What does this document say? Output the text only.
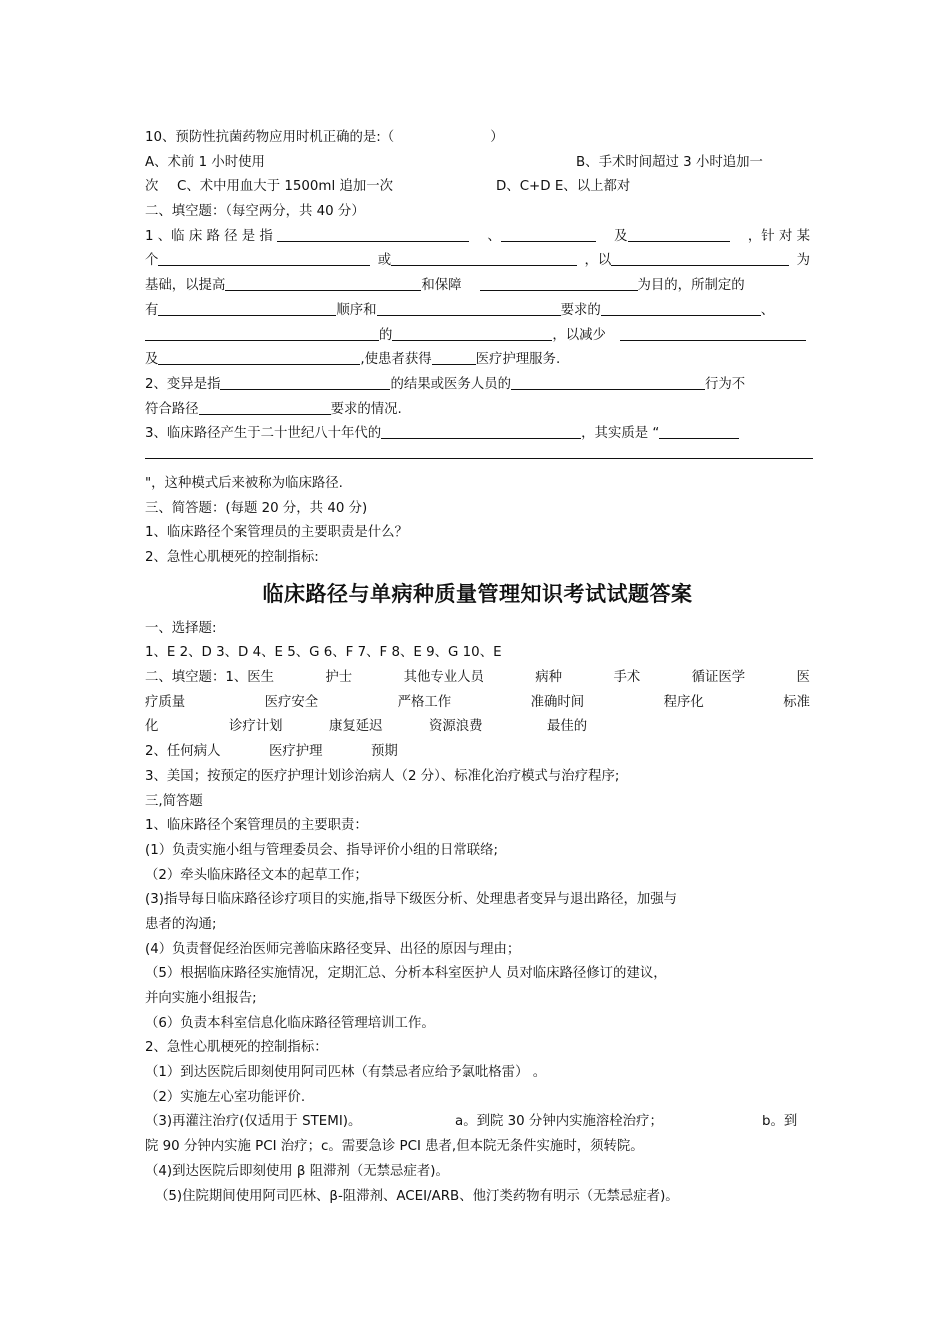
10、预防性抗菌药物应用时机正确的是:（	）
A、术前 1 小时使用	B、手术时间超过 3 小时追加一
次 C、术中用血大于 1500ml 追加一次	D、C+D E、以上都对
二、填空题：（每空两分，共 40 分）
1 、临 床 路 径 是 指	、	及	，针 对 某
个	或	，以	为
基础，以提高	和保障	为目的，所制定的
有	顺序和	要求的	、
的	，以减少
及	,使患者获得	医疗护理服务.
2、变异是指	的结果或医务人员的	行为不
符合路径	要求的情况.
3、临床路径产生于二十世纪八十年代的	，其实质是 “
"，这种模式后来被称为临床路径.
三、简答题：(每题 20 分，共 40 分)
1、临床路径个案管理员的主要职责是什么？
2、急性心肌梗死的控制指标:
临床路径与单病种质量管理知识考试试题答案
一、选择题:
1、E 2、D 3、D 4、E 5、G 6、F 7、F 8、E 9、G 10、E
二、填空题：1、医生	护士	其他专业人员	病种	手术	循证医学	医
疗质量	医疗安全	严格工作	准确时间	程序化	标准
化	诊疗计划	康复延迟	资源浪费	最佳的
2、任何病人	医疗护理	预期
3、美国；按预定的医疗护理计划诊治病人（2 分）、标准化治疗模式与治疗程序;
三,简答题
1、临床路径个案管理员的主要职责：
(1）负责实施小组与管理委员会、指导评价小组的日常联络;
（2）牵头临床路径文本的起草工作；
(3)指导每日临床路径诊疗项目的实施,指导下级医分析、处理患者变异与退出路径，加强与
患者的沟通;
(4）负责督促经治医师完善临床路径变异、出径的原因与理由；
（5）根据临床路径实施情况，定期汇总、分析本科室医护人 员对临床路径修订的建议，
并向实施小组报告;
（6）负责本科室信息化临床路径管理培训工作。
2、急性心肌梗死的控制指标：
（1）到达医院后即刻使用阿司匹林（有禁忌者应给予氯吡格雷） 。
（2）实施左心室功能评价.
（3)再灌注治疗(仅适用于 STEMI)。	a。到院 30 分钟内实施溶栓治疗；	b。到
院 90 分钟内实施 PCI 治疗；c。需要急诊 PCI 患者,但本院无条件实施时，须转院。
（4)到达医院后即刻使用 β 阻滞剂（无禁忌症者)。
（5)住院期间使用阿司匹林、β-阻滞剂、ACEI/ARB、他汀类药物有明示（无禁忌症者)。
